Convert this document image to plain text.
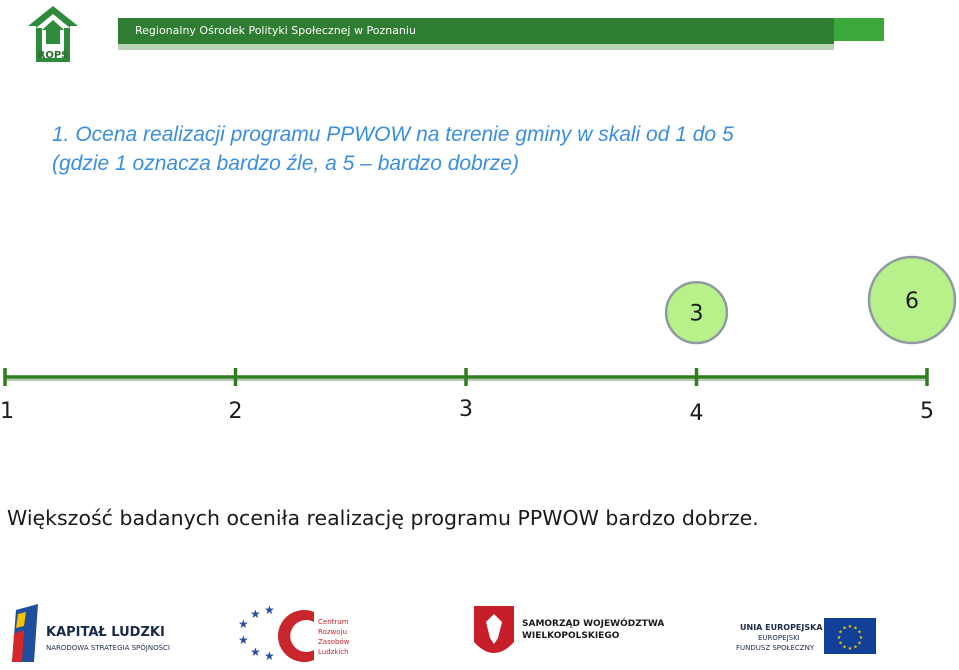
ROPS
Regionalny Ośrodek Polityki Społecznej w Poznaniu
1. Ocena realizacji programu PPWOW na terenie gminy w skali od 1 do 5
(gdzie 1 oznacza bardzo źle, a 5 – bardzo dobrze)
1	2	3	4	5
3
6
Większość badanych oceniła realizację programu PPWOW bardzo dobrze.
KAPITAŁ LUDZKI
NARODOWA STRATEGIA SPÓJNOŚCI
★
★ ★
★
★ ★
Centrum
Rozwoju
Zasobów
Ludzkich
SAMORZĄD WOJEWÓDZTWA
WIELKOPOLSKIEGO
UNIA EUROPEJSKA
EUROPEJSKI
FUNDUSZ SPOŁECZNY
★
★
★
★
★
★
★
★
★ ★ ★
★
